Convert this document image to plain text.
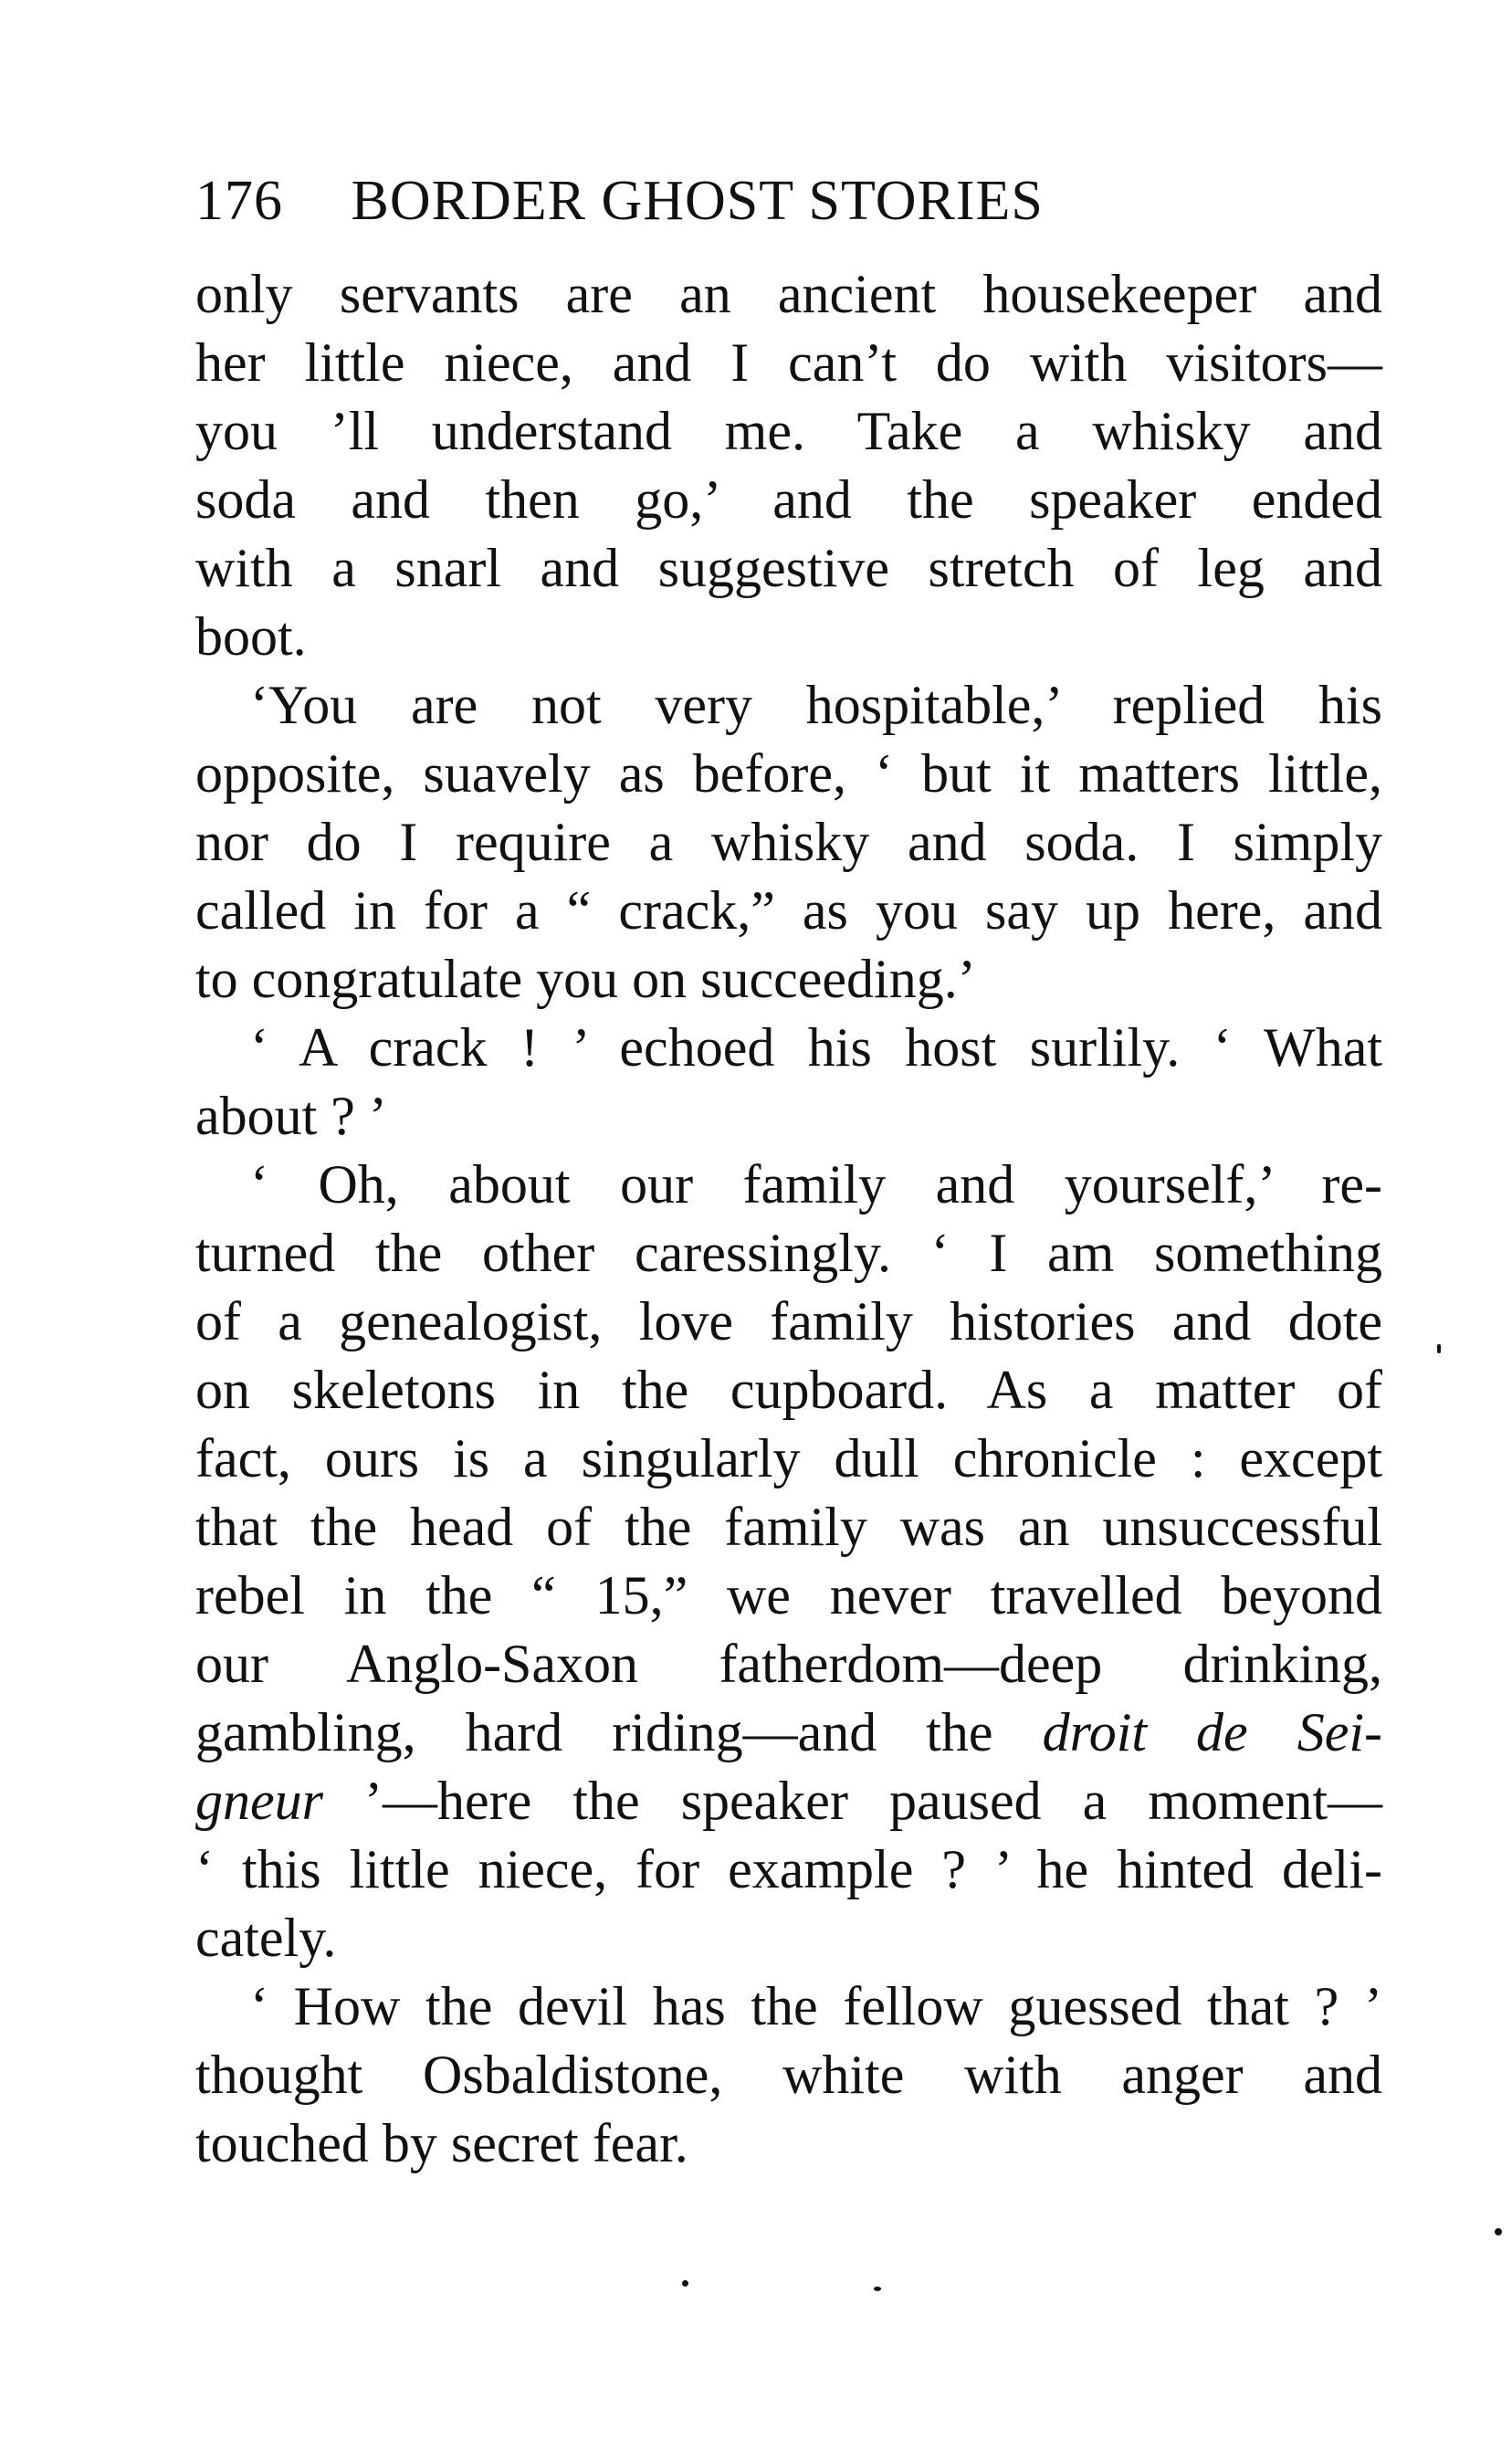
176 BORDER GHOST STORIES
only servants are an ancient housekeeper and
her little niece, and I can’t do with visitors—
you ’ll understand me. Take a whisky and
soda and then go,’ and the speaker ended
with a snarl and suggestive stretch of leg and
boot.
‘You are not very hospitable,’ replied his
opposite, suavely as before, ‘ but it matters little,
nor do I require a whisky and soda. I simply
called in for a “ crack,” as you say up here, and
to congratulate you on succeeding.’
‘ A crack ! ’ echoed his host surlily. ‘ What
about ? ’
‘ Oh, about our family and yourself,’ re-
turned the other caressingly. ‘ I am something
of a genealogist, love family histories and dote
on skeletons in the cupboard. As a matter of
fact, ours is a singularly dull chronicle : except
that the head of the family was an unsuccessful
rebel in the “ 15,” we never travelled beyond
our Anglo-Saxon fatherdom—deep drinking,
gambling, hard riding—and the droit de Sei-
gneur ’—here the speaker paused a moment—
‘ this little niece, for example ? ’ he hinted deli-
cately.
‘ How the devil has the fellow guessed that ? ’
thought Osbaldistone, white with anger and
touched by secret fear.
